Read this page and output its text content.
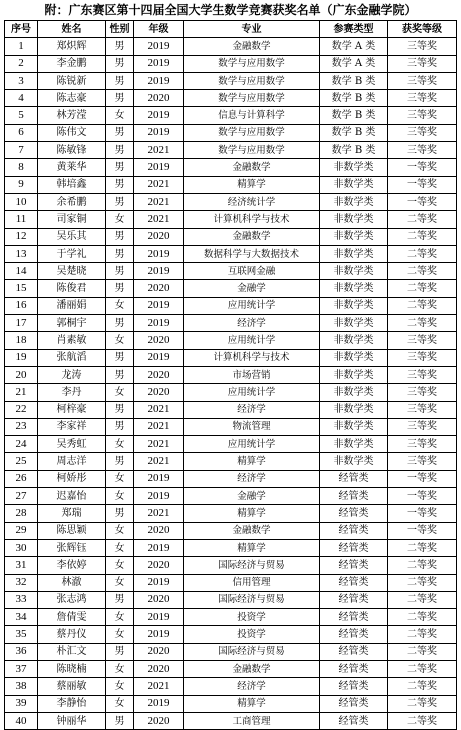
附：广东赛区第十四届全国大学生数学竞赛获奖名单（广东金融学院）
序号	姓名	性别	年级	专业	参赛类型	获奖等级
1	郑炽辉	男	2019	金融数学	数学 A 类	三等奖
2	李金鹏	男	2019	数学与应用数学	数学 A 类	三等奖
3	陈锐新	男	2019	数学与应用数学	数学 B 类	三等奖
4	陈志豪	男	2020	数学与应用数学	数学 B 类	三等奖
5	林芳滢	女	2019	信息与计算科学	数学 B 类	三等奖
6	陈伟文	男	2019	数学与应用数学	数学 B 类	三等奖
7	陈敏锋	男	2021	数学与应用数学	数学 B 类	三等奖
8	黄莱华	男	2019	金融数学	非数学类	一等奖
9	韩培鑫	男	2021	精算学	非数学类	一等奖
10	余希鹏	男	2021	经济统计学	非数学类	一等奖
11	司家铜	女	2021	计算机科学与技术	非数学类	二等奖
12	吴乐其	男	2020	金融数学	非数学类	二等奖
13	于学礼	男	2019	数据科学与大数据技术	非数学类	二等奖
14	吴楚晓	男	2019	互联网金融	非数学类	二等奖
15	陈俊君	男	2020	金融学	非数学类	二等奖
16	潘丽娟	女	2019	应用统计学	非数学类	二等奖
17	郭桐宇	男	2019	经济学	非数学类	二等奖
18	肖素敏	女	2020	应用统计学	非数学类	三等奖
19	张航滔	男	2019	计算机科学与技术	非数学类	三等奖
20	龙涛	男	2020	市场营销	非数学类	三等奖
21	李丹	女	2020	应用统计学	非数学类	三等奖
22	柯梓豪	男	2021	经济学	非数学类	三等奖
23	李家祥	男	2021	物流管理	非数学类	三等奖
24	吴秀虹	女	2021	应用统计学	非数学类	三等奖
25	周志洋	男	2021	精算学	非数学类	三等奖
26	柯娇彤	女	2019	经济学	经管类	一等奖
27	迟嘉怡	女	2019	金融学	经管类	一等奖
28	郑瑞	男	2021	精算学	经管类	一等奖
29	陈思颖	女	2020	金融数学	经管类	一等奖
30	张辉钰	女	2019	精算学	经管类	二等奖
31	李依婷	女	2020	国际经济与贸易	经管类	二等奖
32	林澈	女	2019	信用管理	经管类	二等奖
33	张志鸿	男	2020	国际经济与贸易	经管类	二等奖
34	詹倩雯	女	2019	投资学	经管类	二等奖
35	蔡丹仪	女	2019	投资学	经管类	二等奖
36	朴汇文	男	2020	国际经济与贸易	经管类	二等奖
37	陈晓楠	女	2020	金融数学	经管类	二等奖
38	蔡丽敏	女	2021	经济学	经管类	二等奖
39	李静怡	女	2019	精算学	经管类	二等奖
40	钟丽华	男	2020	工商管理	经管类	二等奖
